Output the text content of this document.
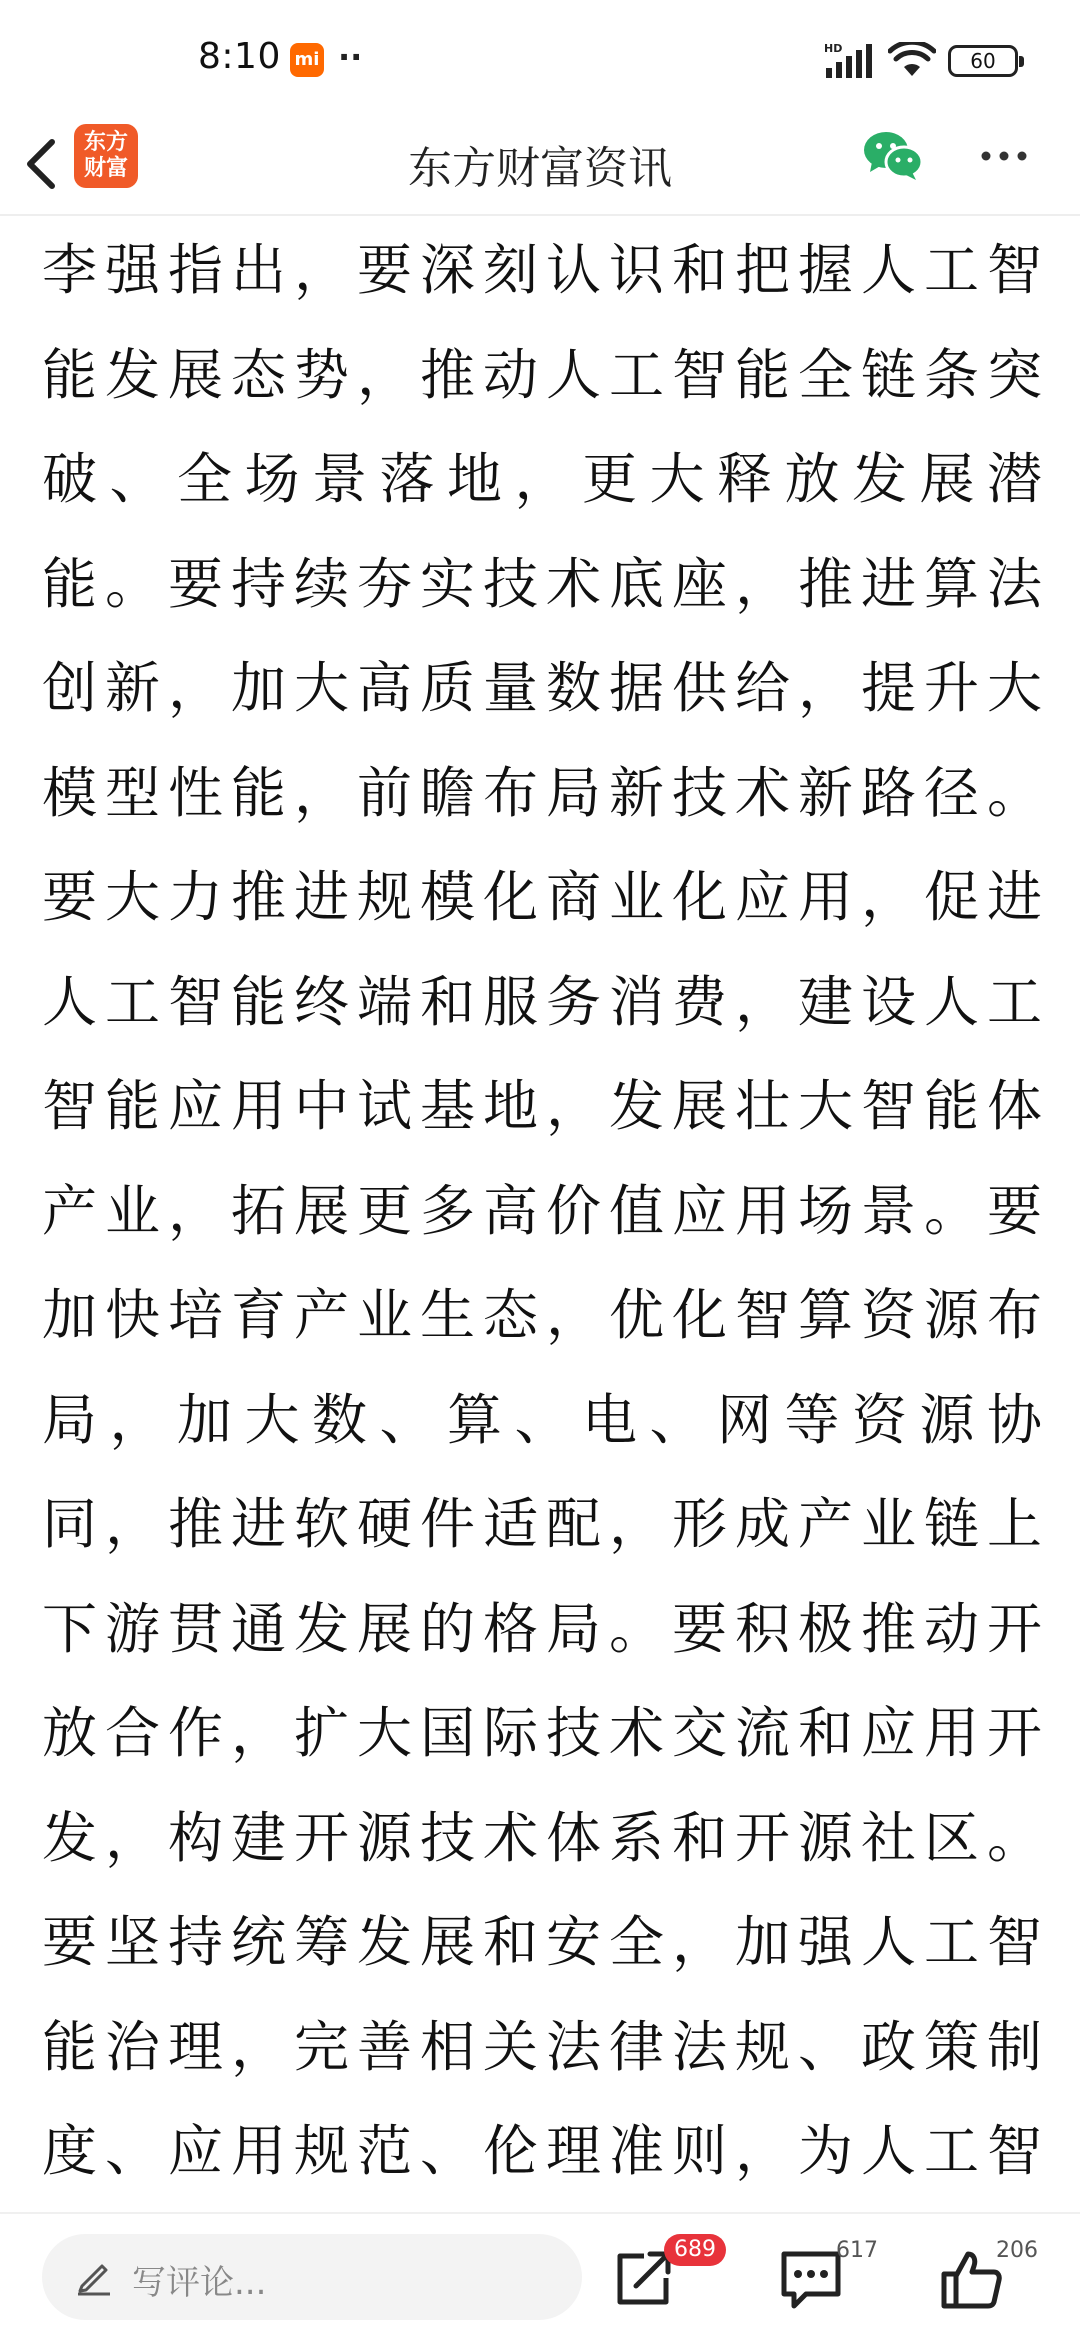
8:10 mi ··	HD
60
东方
财富	东方财富资讯
李强指出，要深刻认识和把握人工智
能发展态势，推动人工智能全链条突
破、全场景落地，更大释放发展潜
能。要持续夯实技术底座，推进算法
创新，加大高质量数据供给，提升大
模型性能，前瞻布局新技术新路径。
要大力推进规模化商业化应用，促进
人工智能终端和服务消费，建设人工
智能应用中试基地，发展壮大智能体
产业，拓展更多高价值应用场景。要
加快培育产业生态，优化智算资源布
局，加大数、算、电、网等资源协
同，推进软硬件适配，形成产业链上
下游贯通发展的格局。要积极推动开
放合作，扩大国际技术交流和应用开
发，构建开源技术体系和开源社区。
要坚持统筹发展和安全，加强人工智
能治理，完善相关法律法规、政策制
度、应用规范、伦理准则，为人工智
写评论...
689	617	206
